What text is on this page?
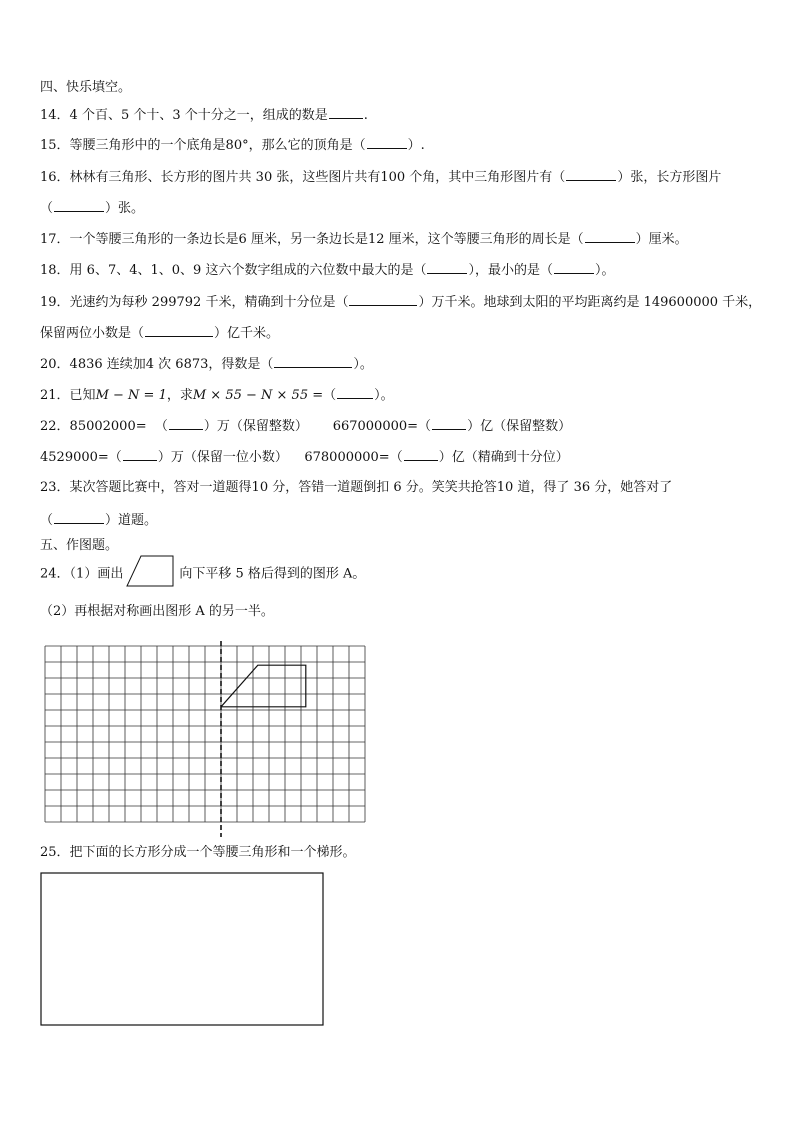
四、快乐填空。
14．4 个百、5 个十、3 个十分之一，组成的数是	.
15．等腰三角形中的一个底角是80°，那么它的顶角是（	）.
16．林林有三角形、长方形的图片共 30 张，这些图片共有100 个角，其中三角形图片有（	）张，长方形图片
（	）张。
17．一个等腰三角形的一条边长是6 厘米，另一条边长是12 厘米，这个等腰三角形的周长是（	）厘米。
18．用 6、7、4、1、0、9 这六个数字组成的六位数中最大的是（	），最小的是（	）。
19．光速约为每秒 299792 千米，精确到十分位是（	）万千米。地球到太阳的平均距离约是 149600000 千米，
保留两位小数是（	）亿千米。
20．4836 连续加4 次 6873，得数是（	）。
21．已知M − N = 1，求M × 55 − N × 55 =（	）。
22．85002000= （	）万（保留整数） 667000000=（	）亿（保留整数）
4529000=（	）万（保留一位小数） 678000000=（	）亿（精确到十分位）
23．某次答题比赛中，答对一道题得10 分，答错一道题倒扣 6 分。笑笑共抢答10 道，得了 36 分，她答对了
（	）道题。
五、作图题。
24．（1）画出	向下平移 5 格后得到的图形 A。
（2）再根据对称画出图形 A 的另一半。
25．把下面的长方形分成一个等腰三角形和一个梯形。
